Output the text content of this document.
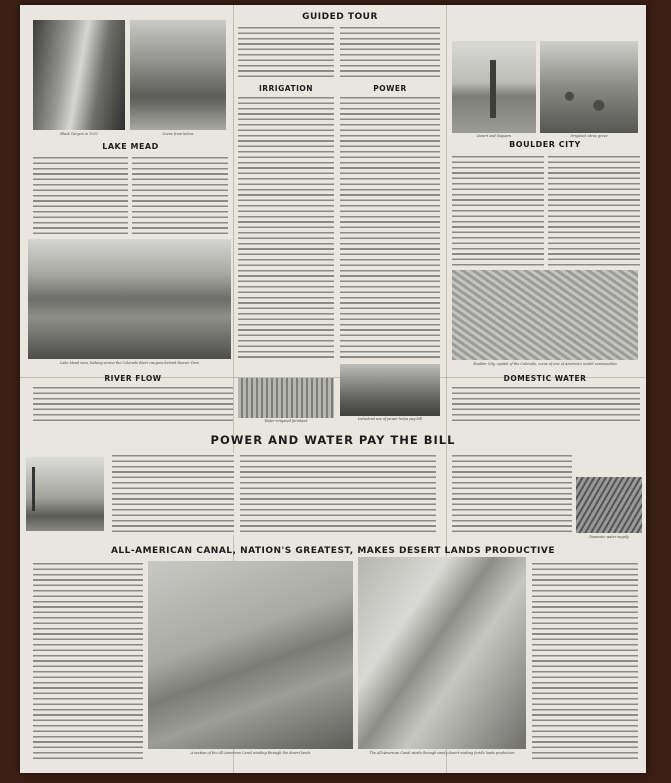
Black Canyon in 1932	Scene from below
GUIDED TOUR
IRRIGATION	POWER
Desert and Saguaro	Irrigated citrus grove
BOULDER CITY
Boulder City, capital of the Colorado, scene of one of America's model communities
LAKE MEAD
Lake Mead view, looking across the Colorado River canyons behind Hoover Dam
RIVER FLOW
Water-irrigated farmland	Industrial use of power helps pay bill
DOMESTIC WATER
POWER AND WATER PAY THE BILL
Domestic water supply
ALL-AMERICAN CANAL, NATION'S GREATEST, MAKES DESERT LANDS PRODUCTIVE
A section of the All-American Canal winding through the desert lands	The All-American Canal winds through sandy desert making fertile lands productive
